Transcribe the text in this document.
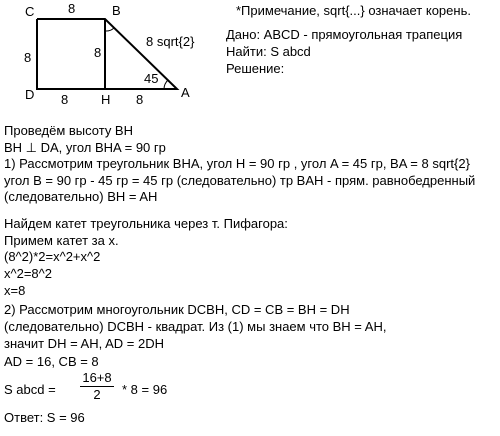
C	8	B
8	8
8 sqrt{2}
45
D 8	H 8	A
*Примечание, sqrt{...} означает корень.
Дано: ABCD - прямоугольная трапеция
Найти: S abcd
Решение:
Проведём высоту BH
BH ⊥ DA, угол BHA = 90 гр
1) Рассмотрим треугольник BHA, угол H = 90 гр , угол A = 45 гр, BA = 8 sqrt{2}
угол B = 90 гр - 45 гр = 45 гр (следовательно) тр BAH - прям. равнобедренный
(следовательно) BH = AH
Найдем катет треугольника через т. Пифагора:
Примем катет за x.
(8^2)*2=x^2+x^2
x^2=8^2
x=8
2) Рассмотрим многоугольник DCBH, CD = CB = BH = DH
(следовательно) DCBH - квадрат. Из (1) мы знаем что BH = AH,
значит DH = AH, AD = 2DH
AD = 16, CB = 8
S abcd =
16+8
2	* 8 = 96
Ответ: S = 96
